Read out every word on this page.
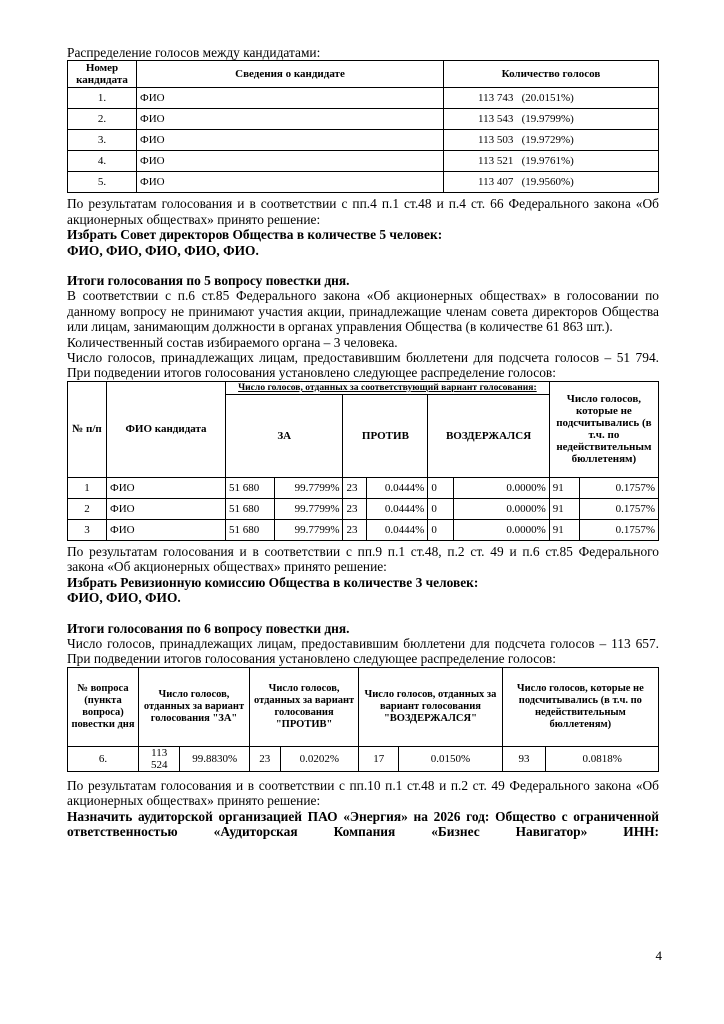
Распределение голосов между кандидатами:

Номер кандидата	Сведения о кандидате	Количество голосов
1.	ФИО	113 743   (20.0151%)
2.	ФИО	113 543   (19.9799%)
3.	ФИО	113 503   (19.9729%)
4.	ФИО	113 521   (19.9761%)
5.	ФИО	113 407   (19.9560%)

По результатам голосования и в соответствии с пп.4 п.1 ст.48 и п.4 ст. 66 Федерального закона «Об акционерных обществах» принято решение:

Избрать Совет директоров Общества в количестве 5 человек:

ФИО, ФИО, ФИО, ФИО, ФИО.

Итоги голосования по 5 вопросу повестки дня.

В соответствии с п.6 ст.85 Федерального закона «Об акционерных обществах» в голосовании по данному вопросу не принимают участия акции, принадлежащие членам совета директоров Общества или лицам, занимающим должности в органах управления Общества (в количестве 61 863 шт.).

Количественный состав избираемого органа – 3 человека.

Число голосов, принадлежащих лицам, предоставившим бюллетени для подсчета голосов – 51 794. При подведении итогов голосования установлено следующее распределение голосов:

№ п/п	ФИО кандидата	Число голосов, отданных за соответствующий вариант голосования:						Число голосов, которые не подсчитывались (в т.ч. по недействительным бюллетеням)	
		ЗА		ПРОТИВ		ВОЗДЕРЖАЛСЯ			
1	ФИО	51 680	99.7799%	23	0.0444%	0	0.0000%	91	0.1757%
2	ФИО	51 680	99.7799%	23	0.0444%	0	0.0000%	91	0.1757%
3	ФИО	51 680	99.7799%	23	0.0444%	0	0.0000%	91	0.1757%

По результатам голосования и в соответствии с пп.9 п.1 ст.48, п.2 ст. 49 и п.6 ст.85 Федерального закона «Об акционерных обществах» принято решение:

Избрать Ревизионную комиссию Общества в количестве 3 человек:

ФИО, ФИО, ФИО.

Итоги голосования по 6 вопросу повестки дня.

Число голосов, принадлежащих лицам, предоставившим бюллетени для подсчета голосов – 113 657. При подведении итогов голосования установлено следующее распределение голосов:

№ вопроса (пункта вопроса) повестки дня	Число голосов, отданных за вариант голосования "ЗА"		Число голосов, отданных за вариант голосования "ПРОТИВ"		Число голосов, отданных за вариант голосования "ВОЗДЕРЖАЛСЯ"		Число голосов, которые не подсчитывались (в т.ч. по недействительным бюллетеням)	
6.	113 524	99.8830%	23	0.0202%	17	0.0150%	93	0.0818%

По результатам голосования и в соответствии с пп.10 п.1 ст.48 и п.2 ст. 49 Федерального закона «Об акционерных обществах» принято решение:

Назначить аудиторской организацией ПАО «Энергия» на 2026 год: Общество с ограниченной ответственностью «Аудиторская Компания «Бизнес Навигатор» ИНН:

4
